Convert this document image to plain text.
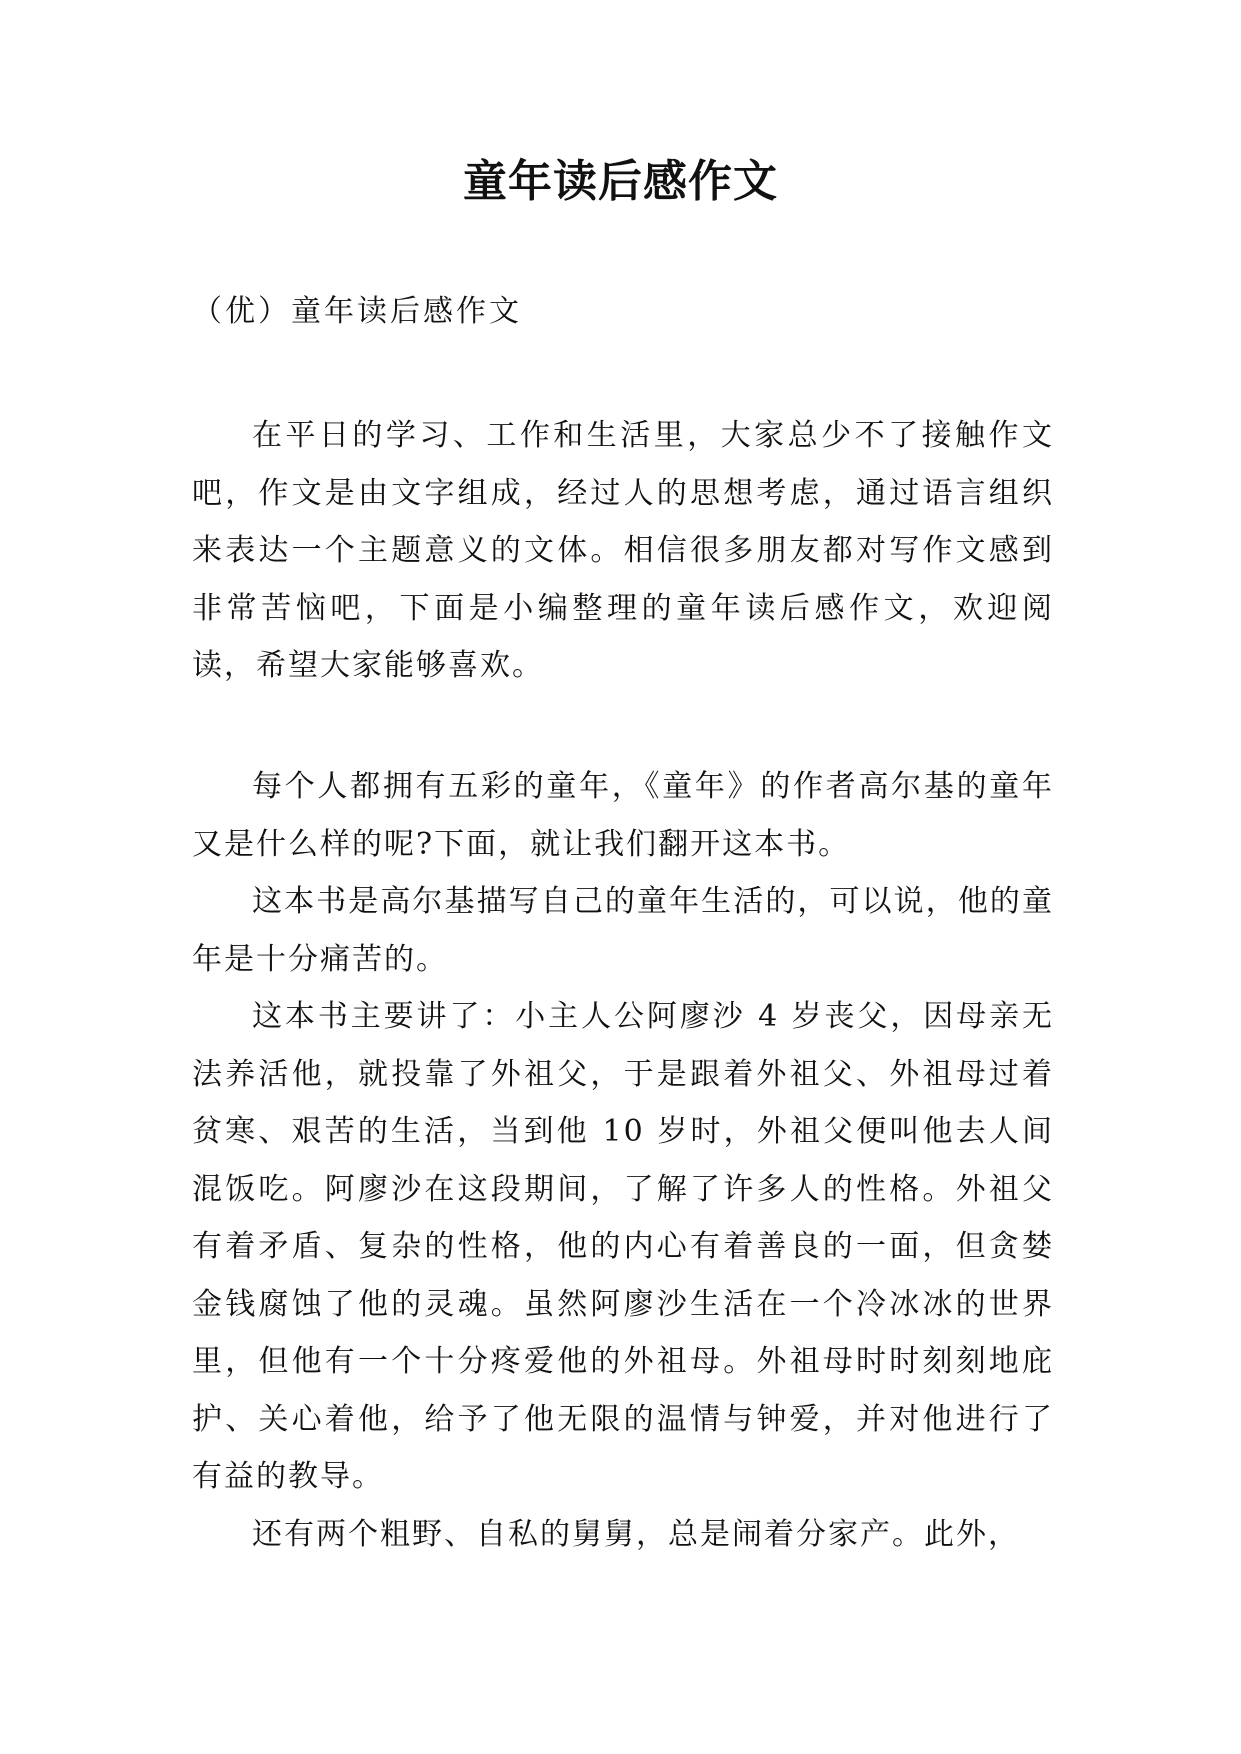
童年读后感作文
（优）童年读后感作文

在平日的学习、工作和生活里，大家总少不了接触作文吧，作文是由文字组成，经过人的思想考虑，通过语言组织来表达一个主题意义的文体。相信很多朋友都对写作文感到非常苦恼吧，下面是小编整理的童年读后感作文，欢迎阅读，希望大家能够喜欢。

每个人都拥有五彩的童年，《童年》的作者高尔基的童年又是什么样的呢?下面，就让我们翻开这本书。

这本书是高尔基描写自己的童年生活的，可以说，他的童年是十分痛苦的。

这本书主要讲了：小主人公阿廖沙 4 岁丧父，因母亲无法养活他，就投靠了外祖父，于是跟着外祖父、外祖母过着贫寒、艰苦的生活，当到他 10 岁时，外祖父便叫他去人间混饭吃。阿廖沙在这段期间，了解了许多人的性格。外祖父有着矛盾、复杂的性格，他的内心有着善良的一面，但贪婪金钱腐蚀了他的灵魂。虽然阿廖沙生活在一个冷冰冰的世界里，但他有一个十分疼爱他的外祖母。外祖母时时刻刻地庇护、关心着他，给予了他无限的温情与钟爱，并对他进行了有益的教导。

还有两个粗野、自私的舅舅，总是闹着分家产。此外，
